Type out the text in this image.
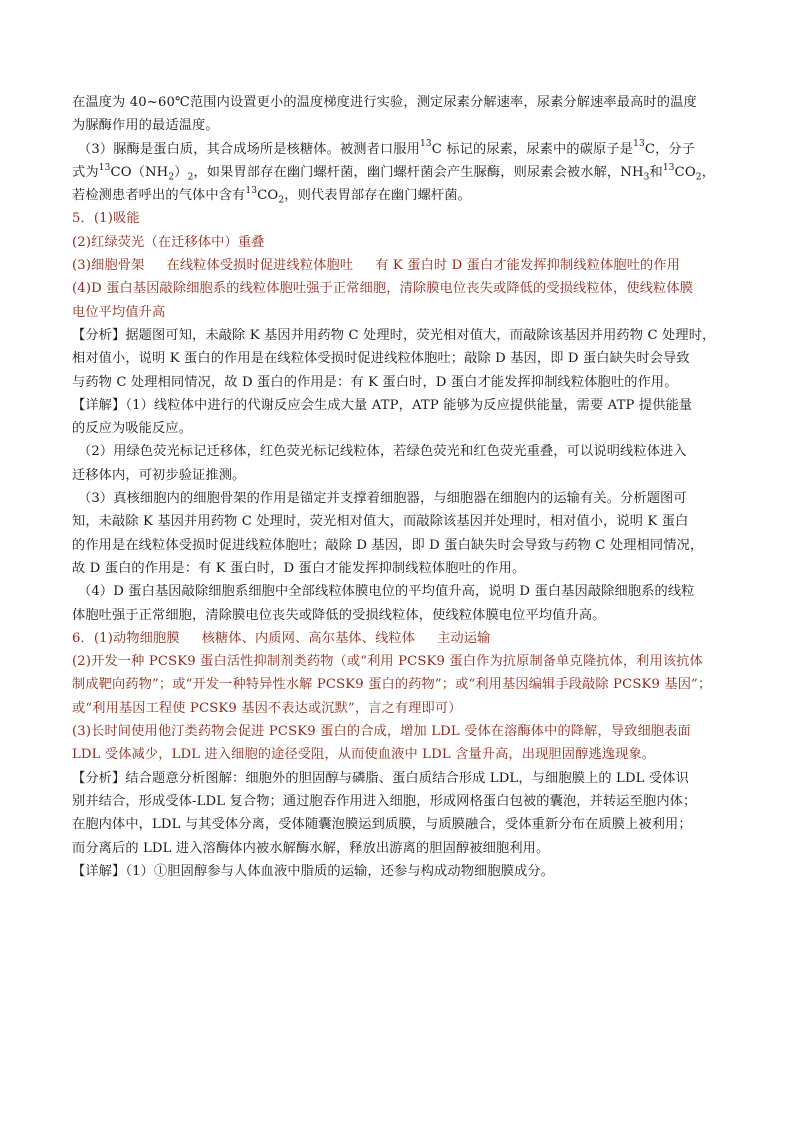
在温度为 40~60℃范围内设置更小的温度梯度进行实验，测定尿素分解速率，尿素分解速率最高时的温度
为脲酶作用的最适温度。
（3）脲酶是蛋白质，其合成场所是核糖体。被测者口服用$^{13}$C 标记的尿素，尿素中的碳原子是$^{13}$C，分子
式为$^{13}CO(NH_2)_2$，如果胃部存在幽门螺杆菌，幽门螺杆菌会产生脲酶，则尿素会被水解，$NH_3$和$^{13}CO_2$，
若检测患者呼出的气体中含有$^{13}CO_2$，则代表胃部存在幽门螺杆菌。
5．(1)吸能
(2)红绿荧光（在迁移体中）重叠
(3)细胞骨架 在线粒体受损时促进线粒体胞吐 有 K 蛋白时 D 蛋白才能发挥抑制线粒体胞吐的作用
(4)D 蛋白基因敲除细胞系的线粒体胞吐强于正常细胞，清除膜电位丧失或降低的受损线粒体，使线粒体膜
电位平均值升高
【分析】据题图可知，未敲除 K 基因并用药物 C 处理时，荧光相对值大，而敲除该基因并用药物 C 处理时，
相对值小，说明 K 蛋白的作用是在线粒体受损时促进线粒体胞吐；敲除 D 基因，即 D 蛋白缺失时会导致
与药物 C 处理相同情况，故 D 蛋白的作用是：有 K 蛋白时，D 蛋白才能发挥抑制线粒体胞吐的作用。
【详解】（1）线粒体中进行的代谢反应会生成大量 ATP，ATP 能够为反应提供能量，需要 ATP 提供能量
的反应为吸能反应。
（2）用绿色荧光标记迁移体，红色荧光标记线粒体，若绿色荧光和红色荧光重叠，可以说明线粒体进入
迁移体内，可初步验证推测。
（3）真核细胞内的细胞骨架的作用是锚定并支撑着细胞器，与细胞器在细胞内的运输有关。分析题图可
知，未敲除 K 基因并用药物 C 处理时，荧光相对值大，而敲除该基因并处理时，相对值小，说明 K 蛋白
的作用是在线粒体受损时促进线粒体胞吐；敲除 D 基因，即 D 蛋白缺失时会导致与药物 C 处理相同情况，
故 D 蛋白的作用是：有 K 蛋白时，D 蛋白才能发挥抑制线粒体胞吐的作用。
（4）D 蛋白基因敲除细胞系细胞中全部线粒体膜电位的平均值升高，说明 D 蛋白基因敲除细胞系的线粒
体胞吐强于正常细胞，清除膜电位丧失或降低的受损线粒体，使线粒体膜电位平均值升高。
6．(1)动物细胞膜 核糖体、内质网、高尔基体、线粒体 主动运输
(2)开发一种 PCSK9 蛋白活性抑制剂类药物（或“利用 PCSK9 蛋白作为抗原制备单克隆抗体，利用该抗体
制成靶向药物”；或“开发一种特异性水解 PCSK9 蛋白的药物”；或“利用基因编辑手段敲除 PCSK9 基因”；
或“利用基因工程使 PCSK9 基因不表达或沉默”，言之有理即可）
(3)长时间使用他汀类药物会促进 PCSK9 蛋白的合成，增加 LDL 受体在溶酶体中的降解，导致细胞表面
LDL 受体减少，LDL 进入细胞的途径受阻，从而使血液中 LDL 含量升高，出现胆固醇逃逸现象。
【分析】结合题意分析图解：细胞外的胆固醇与磷脂、蛋白质结合形成 LDL，与细胞膜上的 LDL 受体识
别并结合，形成受体-LDL 复合物；通过胞吞作用进入细胞，形成网格蛋白包被的囊泡，并转运至胞内体；
在胞内体中，LDL 与其受体分离，受体随囊泡膜运到质膜，与质膜融合，受体重新分布在质膜上被利用；
而分离后的 LDL 进入溶酶体内被水解酶水解，释放出游离的胆固醇被细胞利用。
【详解】（1）①胆固醇参与人体血液中脂质的运输，还参与构成动物细胞膜成分。
